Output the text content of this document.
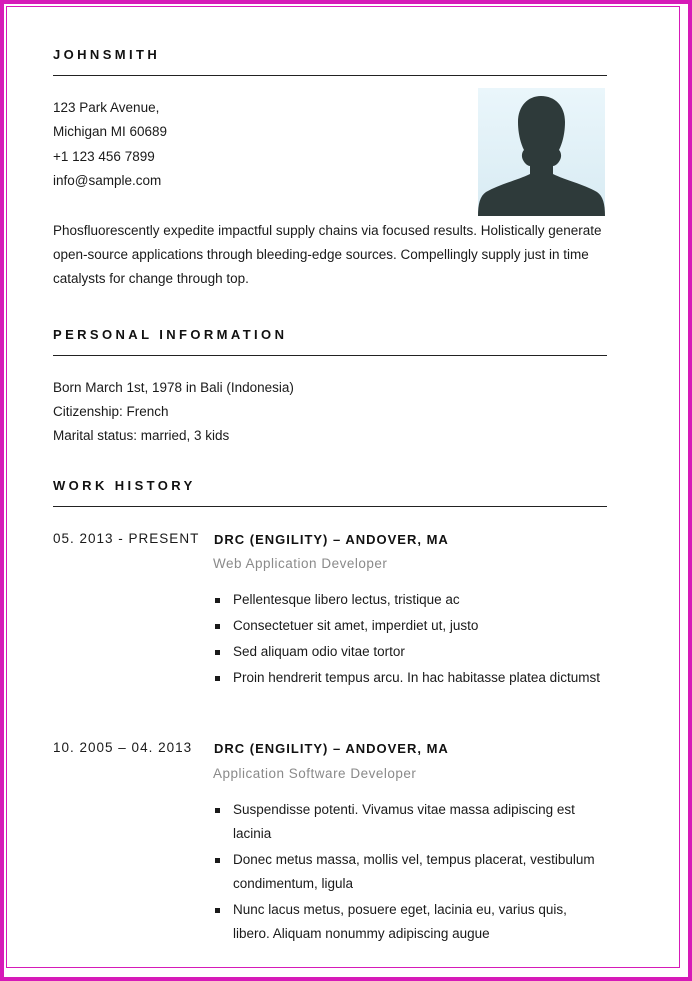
JOHNSMITH

123 Park Avenue,

Michigan MI 60689

+1 123 456 7899

info@sample.com

Phosfluorescently expedite impactful supply chains via focused results. Holistically generate open-source applications through bleeding-edge sources. Compellingly supply just in time catalysts for change through top.

PERSONAL INFORMATION

Born March 1st, 1978 in Bali (Indonesia)

Citizenship: French

Marital status: married, 3 kids

WORK HISTORY

05. 2013 - PRESENT DRC (ENGILITY) – ANDOVER, MA

Web Application Developer

Pellentesque libero lectus, tristique ac
Consectetuer sit amet, imperdiet ut, justo
Sed aliquam odio vitae tortor
Proin hendrerit tempus arcu. In hac habitasse platea dictumst

10. 2005 – 04. 2013 DRC (ENGILITY) – ANDOVER, MA

Application Software Developer

Suspendisse potenti. Vivamus vitae massa adipiscing est lacinia
Donec metus massa, mollis vel, tempus placerat, vestibulum condimentum, ligula
Nunc lacus metus, posuere eget, lacinia eu, varius quis, libero. Aliquam nonummy adipiscing augue
